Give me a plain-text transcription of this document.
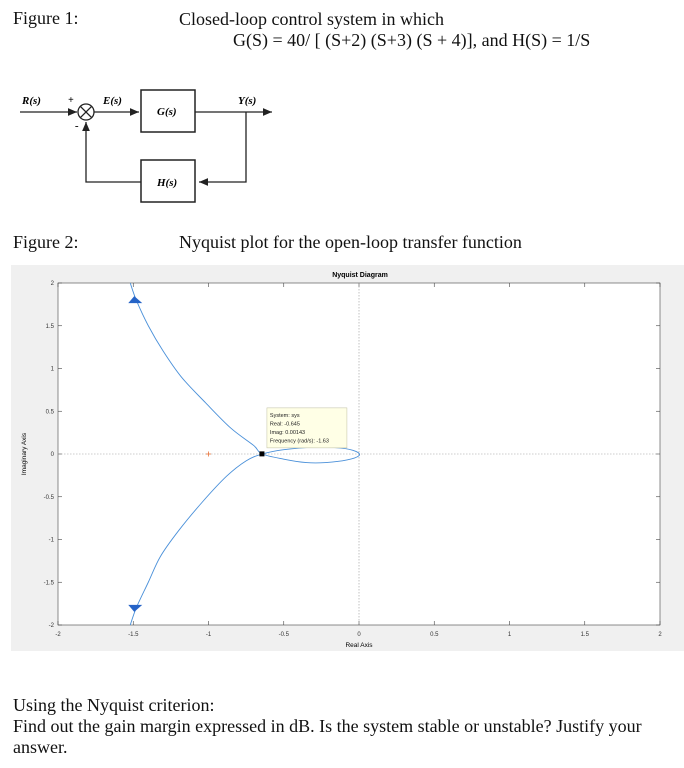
Figure 1:	Closed-loop control system in which
G(S) = 40/ [ (S+2) (S+3) (S + 4)], and H(S) = 1/S
R(s)	+
-
E(s)
G(s)
Y(s)
H(s)
Figure 2:	Nyquist plot for the open-loop transfer function
Nyquist Diagram
-2	-1.5	-1	-0.5	0	0.5	1	1.5	2
2
1.5
1
0.5
0
-0.5
-1
-1.5
-2
Real Axis
Imaginary Axis
System: sys
Real: -0.645
Imag: 0.00143
Frequency (rad/s): -1.63
Using the Nyquist criterion:
Find out the gain margin expressed in dB. Is the system stable or unstable? Justify your
answer.
